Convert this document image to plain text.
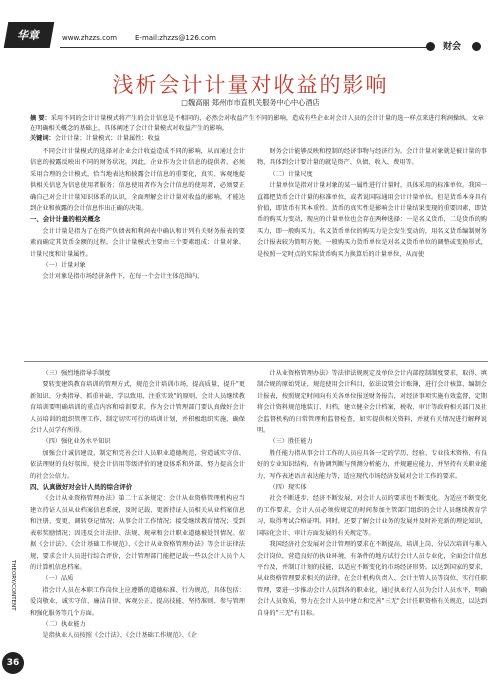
华章	www.zhzzs.com	E-mail:zhzzs@126.com
财会
浅析会计计量对收益的影响
□魏高丽 郑州市市直机关服务中心中心酒店
摘 要：采用不同的会计计量模式将产生的会计信息是不相同的，必然会对收益产生不同的影响，造成有些企业对会计人员的会计计量的选一样点来进行利润操纵。文章在明确相关概念的基础上，具体阐述了会计计量模式对收益产生的影响。
关键词：会计计量；计量模式；计量属性；收益

不同会计计量模式的选择对企业会计收益造成不同的影响，从而通过会计信息的披露反映出不同的财务状况。因此，企业作为会计信息的提供者，必须采用合理的会计模式，恰当地表达和披露会计信息的重要化，真实、客观地提供相关信息为信息使用者服务；信息使用者作为会计信息的使用者，必须要正确自己对会计计量知识体系的认识，全面理解会计计量对收益的影响，才能达到企业和披露的会计信息作出正确的决策。

一、会计计量的相关概念

会计计量是指为了在资产负债表和利润表中确认和计列有关财务报表的要素而确定其货币金额的过程。会计计量模式主要由三个要素组成：计量对象、计量尺度和计量属性。

（一）计量对象

会计对象是指市场经济条件下，在每一个会计主体范围内，

财务会计能够反映和控制的经济事物与经济行为。会计计量对象就是被计量的事物，具体到会计要计量的就是资产、负债、收入、费用等。

（二）计量尺度

计量单位是指对计量对象的某一属性进行计量时，具体采用的标准单位。我国一直都把货币会计计量的标准单位，或者说国际通用会计计量单位。但是货币本身具有价值，即货币有其本重性。货币的真实性是影响会计计量结果变现的重要因素，即货币的购买力变动，现应的计量单位也会存在两种选择：一是名义货币，二是货币的购买力，即一般购买力。名义货币单位的购买力是会发生变动的，用名义货币编制财务会计报表较为简明方便。一般购买力货币单位是对名义货币单位的调整或变换形式，是按照一定时点的实际货币购买力换算后的计量单位，从而使

（三）强烈地指导手制度

要转变建筑教育培训的管理方式，规范会计培训市场，提高质量，提升"更新知识、分类指导、抓重补缺、学以致用、注重实效"的原则，会计人员继续教育培训要明确培训的重点内容和培训要求。作为会计管理部门要认真做好会计人员培训的组织管理工作，制定切实可行的培训计划，并积极组织实施，确保会计人员学有所得。

（四）强化业务水平知识

加强会计诚信建设，制定和完善会计人员职业道德规范，营造诚实守信、依法理财的良好氛围，使会计信用等级评价的建设体系和外部，努力提高会计的社会公信力。

四、认真做好对会计人员的综合评价

《会计从业资格管理办法》第二十五条规定：会计从业资格管理机构应当建立持证人员从业档案信息系统，及时记载、更新持证人员相关从业档案信息和注册、变更、调转登记情况；从事会计工作情况；接受继续教育情况；受到表彰奖励情况；因违反会计法律、法规、规章和会计职业道德被处罚情况。依据《会计法》、《会计基础工作规范》、《会计从业资格管理办法》等会计法律法规，要求会计人员进行综合评价，会计管理部门能把记载一些以会计人员个人的计算机信息档案。

（一）品质

指会计人员在本职工作岗位上应遵循的道德标准、行为规范，具体包括：爱岗敬业、诚实守信、廉洁自律、客观公正、提高技能、坚持准则、参与管理和强化服务等几个方面。

（二）执业能力

是指执业人员按照《会计法》、《会计基础工作规范》、《企

计从业资格管理办法》等法律法规规定及单位会计内部控制制度要求，取得、填制合规的原始凭证，规范使用会计科目，依法设置会计账簿，进行会计核算，编制会计报表，按照规定时间向有关各单位报送财务报告，对经济事项实施有效监督，定期将会计资料规范地装订、归档，建立健全会计档案，税收、审计等政府相关部门及社会监督机构的日常管理和监督检查，如实提供相关资料，并就有关情况进行解释说明。

（三）胜任能力

胜任能力指从事会计工作的人员应具备一定的学历、经验、专业技术资格、有良好的专业知识结构，有协调判断与预测分析能力，并规避应能力，并坚持有关职业能力，写作表述语言表达能力等，适应现代市场经济发展对会计工作的要求。

（四）现实体

社会不断进步，经济不断发展，对会计人员的要求也不断变化。为适应不断变化的工作要求，会计人员必须按规定的时间参加主管部门组织的会计人员继续教育学习，取得考试合格证明。同时，还要了解会计业务的发展并及时补充新的理论知识，国际化会计、审计方面发展的有关规定等。

我国经济社会发展对会计管理的要求在不断提高，培训上岗、分层次培训与难入会计岗位，营造良好的执业环境，有条件的地方试行会计人员专业化，全面会计信息平台及，并制订计划的技能，以适应不断变化的市场经济形势。以达到国家的要求，从业资格管理要求相关的法律，在会计机构负责人、会计主管人员等岗位，实行任职管理，要进一步推动会计人员到各的职业化，通过执业行人员为会计人员水平，明确会计人员资质，努力在会计人员中建立和完善"三无"会计任职资格有关规范，以达到自身的"三无"有目标。

THEORY/CONTENT
36
